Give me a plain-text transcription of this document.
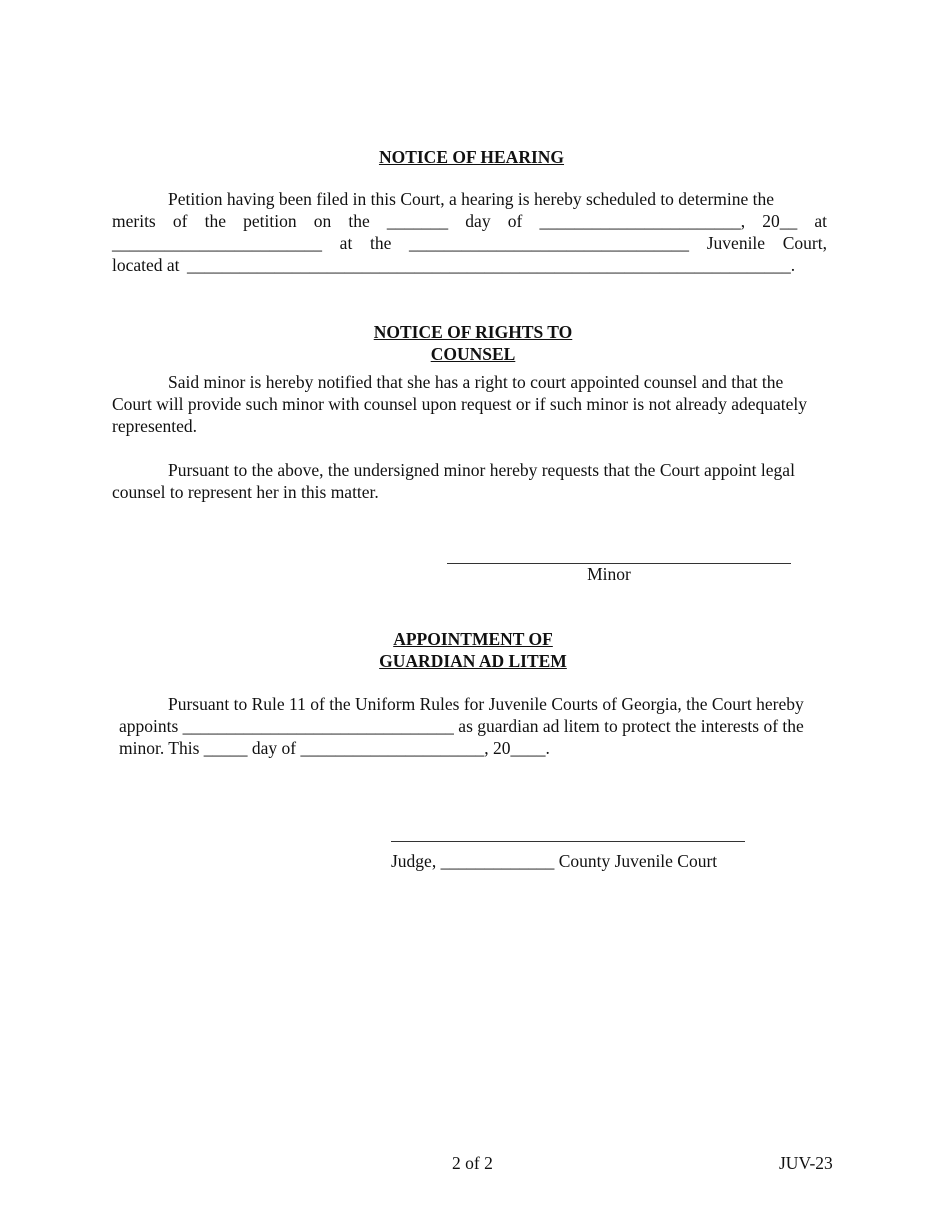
NOTICE OF HEARING
Petition having been filed in this Court, a hearing is hereby scheduled to determine the
merits of the petition on the _______ day of _______________________, 20__ at
________________________ at the ________________________________ Juvenile Court,
located at _____________________________________________________________________.
NOTICE OF RIGHTS TO
COUNSEL
Said minor is hereby notified that she has a right to court appointed counsel and that the
Court will provide such minor with counsel upon request or if such minor is not already adequately
represented.
Pursuant to the above, the undersigned minor hereby requests that the Court appoint legal
counsel to represent her in this matter.
Minor
APPOINTMENT OF
GUARDIAN AD LITEM
Pursuant to Rule 11 of the Uniform Rules for Juvenile Courts of Georgia, the Court hereby
appoints _______________________________ as guardian ad litem to protect the interests of the
minor. This _____ day of _____________________, 20____.
Judge, _____________ County Juvenile Court
2 of 2	JUV-23
